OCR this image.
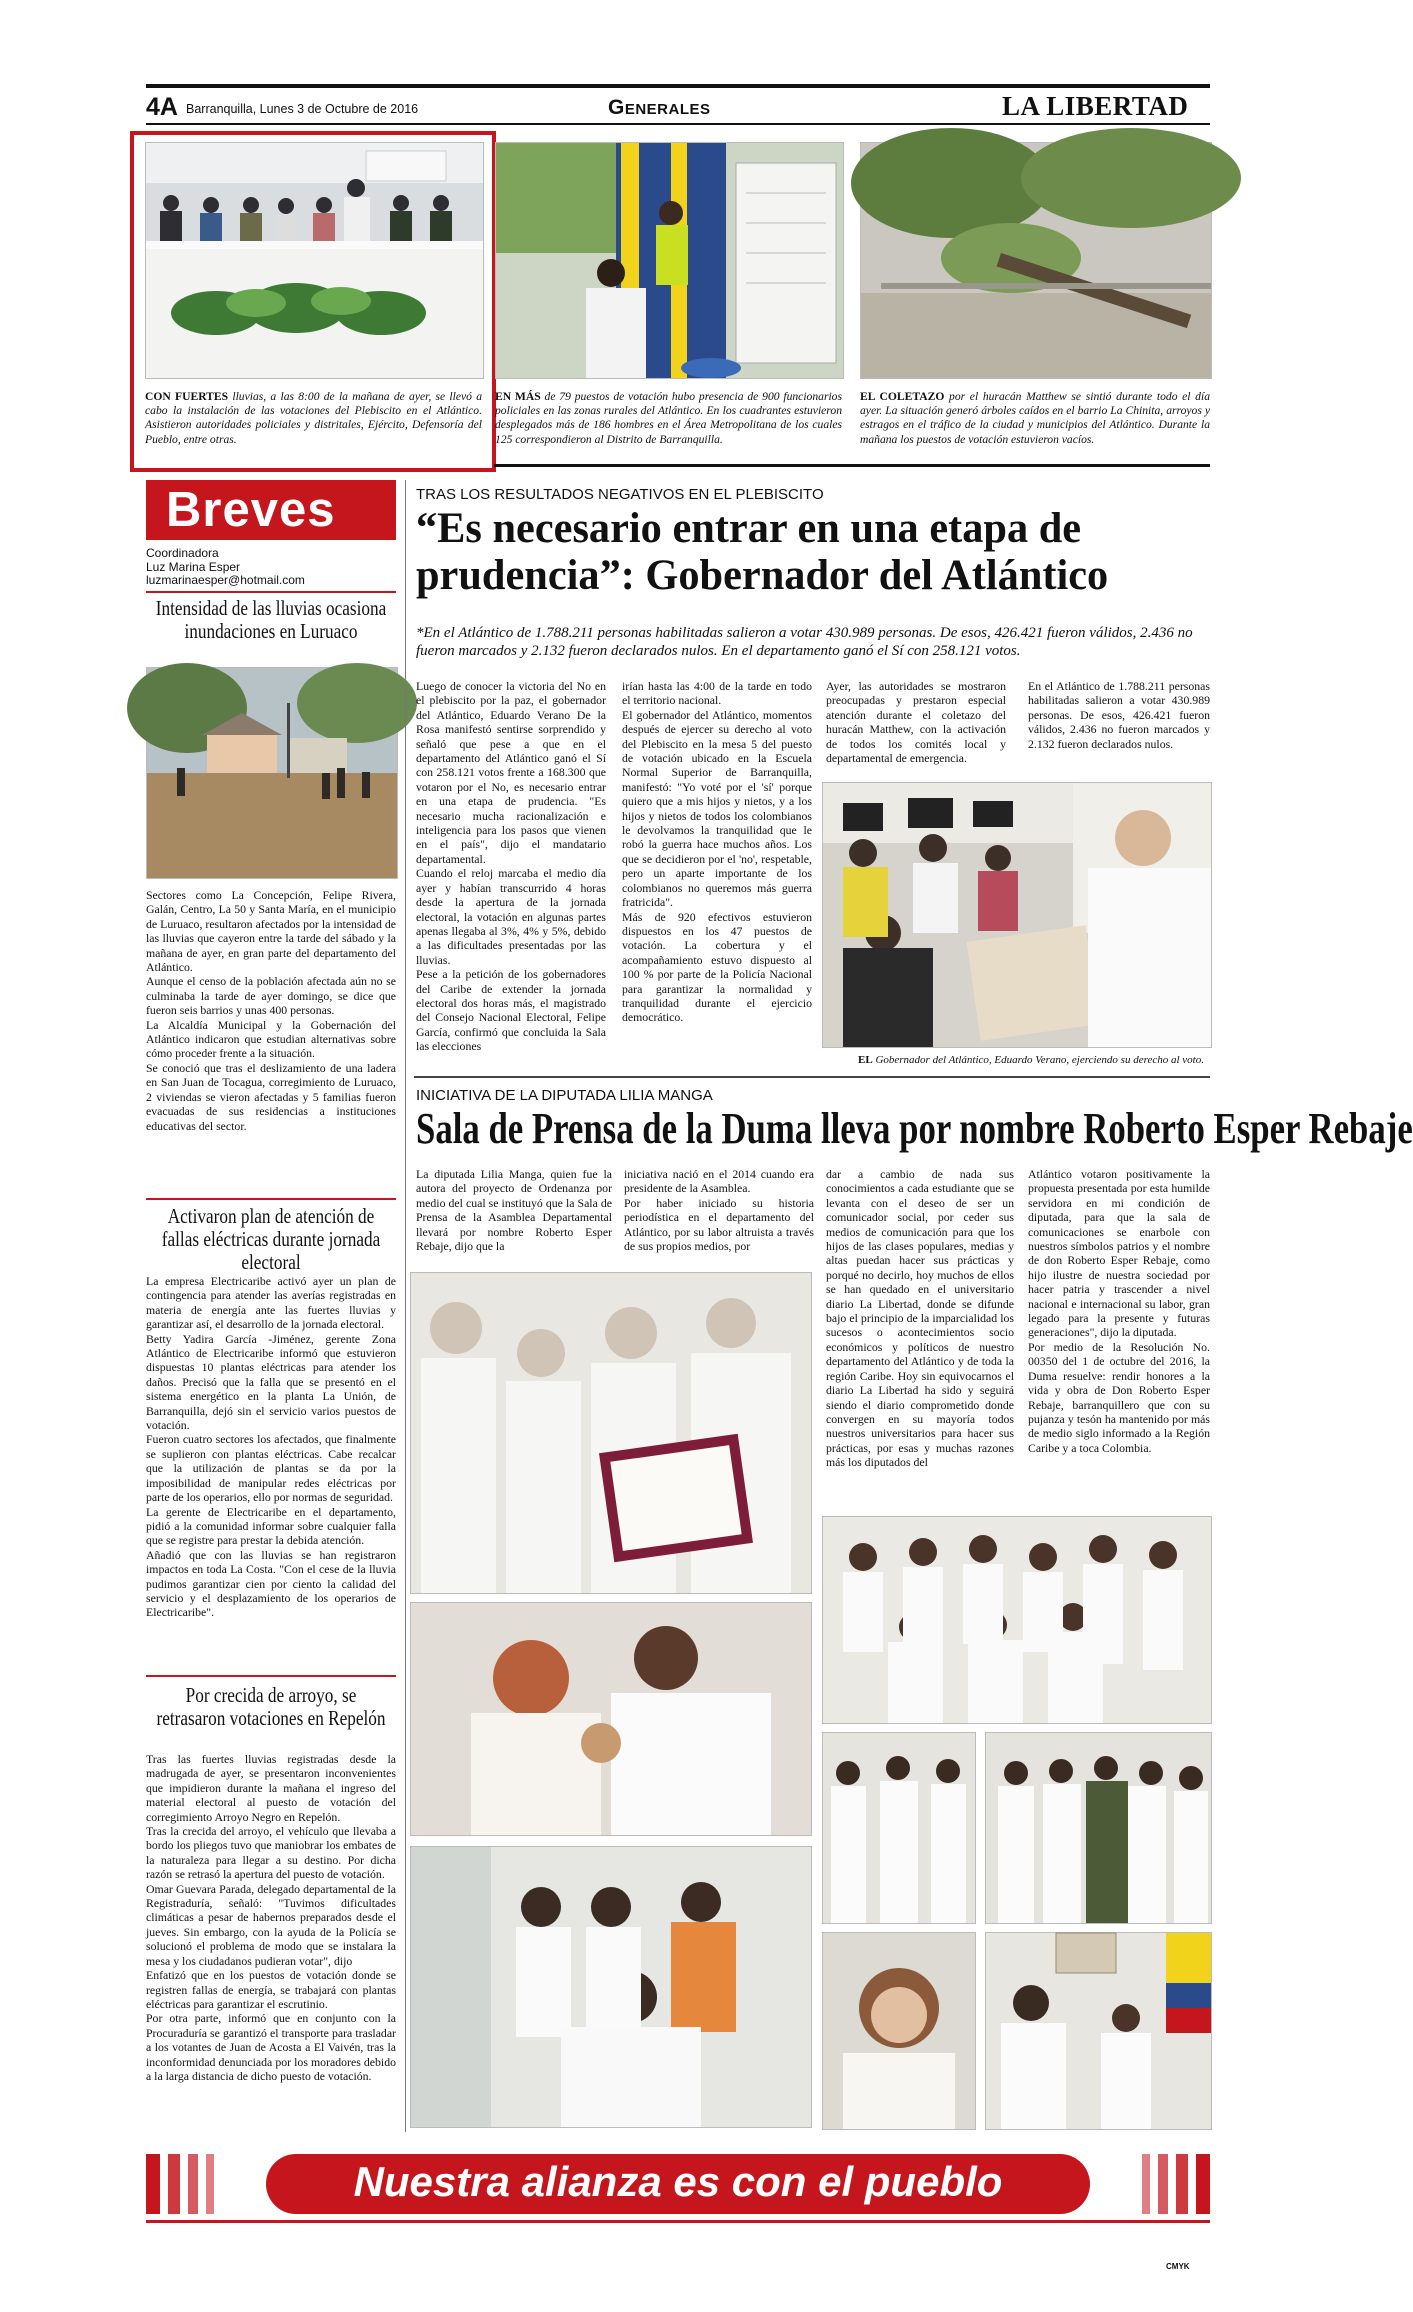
4A Barranquilla, Lunes 3 de Octubre de 2016	Generales	LA LIBERTAD
CON FUERTES lluvias, a las 8:00 de la mañana de ayer, se llevó a cabo la instalación de las votaciones del Plebiscito en el Atlántico. Asistieron autoridades policiales y distritales, Ejército, Defensoría del Pueblo, entre otras.
EN MÁS de 79 puestos de votación hubo presencia de 900 funcionarios policiales en las zonas rurales del Atlántico. En los cuadrantes estuvieron desplegados más de 186 hombres en el Área Metropolitana de los cuales 125 correspondieron al Distrito de Barranquilla.
EL COLETAZO por el huracán Matthew se sintió durante todo el día ayer. La situación generó árboles caídos en el barrio La Chinita, arroyos y estragos en el tráfico de la ciudad y municipios del Atlántico. Durante la mañana los puestos de votación estuvieron vacíos.
Breves
Coordinadora
Luz Marina Esper
luzmarinaesper@hotmail.com
Intensidad de las lluvias ocasiona inundaciones en Luruaco
Sectores como La Concepción, Felipe Rivera, Galán, Centro, La 50 y Santa María, en el municipio de Luruaco, resultaron afectados por la intensidad de las lluvias que cayeron entre la tarde del sábado y la mañana de ayer, en gran parte del departamento del Atlántico.
Aunque el censo de la población afectada aún no se culminaba la tarde de ayer domingo, se dice que fueron seis barrios y unas 400 personas.
La Alcaldía Municipal y la Gobernación del Atlántico indicaron que estudian alternativas sobre cómo proceder frente a la situación.
Se conoció que tras el deslizamiento de una ladera en San Juan de Tocagua, corregimiento de Luruaco, 2 viviendas se vieron afectadas y 5 familias fueron evacuadas de sus residencias a instituciones educativas del sector.
Activaron plan de atención de fallas eléctricas durante jornada electoral
La empresa Electricaribe activó ayer un plan de contingencia para atender las averías registradas en materia de energía ante las fuertes lluvias y garantizar así, el desarrollo de la jornada electoral.
Betty Yadira García -Jiménez, gerente Zona Atlántico de Electricaribe informó que estuvieron dispuestas 10 plantas eléctricas para atender los daños. Precisó que la falla que se presentó en el sistema energético en la planta La Unión, de Barranquilla, dejó sin el servicio varios puestos de votación.
Fueron cuatro sectores los afectados, que finalmente se suplieron con plantas eléctricas. Cabe recalcar que la utilización de plantas se da por la imposibilidad de manipular redes eléctricas por parte de los operarios, ello por normas de seguridad.
La gerente de Electricaribe en el departamento, pidió a la comunidad informar sobre cualquier falla que se registre para prestar la debida atención.
Añadió que con las lluvias se han registraron impactos en toda La Costa. "Con el cese de la lluvia pudimos garantizar cien por ciento la calidad del servicio y el desplazamiento de los operarios de Electricaribe".
Por crecida de arroyo, se retrasaron votaciones en Repelón
Tras las fuertes lluvias registradas desde la madrugada de ayer, se presentaron inconvenientes que impidieron durante la mañana el ingreso del material electoral al puesto de votación del corregimiento Arroyo Negro en Repelón.
Tras la crecida del arroyo, el vehículo que llevaba a bordo los pliegos tuvo que maniobrar los embates de la naturaleza para llegar a su destino. Por dicha razón se retrasó la apertura del puesto de votación.
Omar Guevara Parada, delegado departamental de la Registraduría, señaló: "Tuvimos dificultades climáticas a pesar de habernos preparados desde el jueves. Sin embargo, con la ayuda de la Policía se solucionó el problema de modo que se instalara la mesa y los ciudadanos pudieran votar", dijo
Enfatizó que en los puestos de votación donde se registren fallas de energía, se trabajará con plantas eléctricas para garantizar el escrutinio.
Por otra parte, informó que en conjunto con la Procuraduría se garantizó el transporte para trasladar a los votantes de Juan de Acosta a El Vaivén, tras la inconformidad denunciada por los moradores debido a la larga distancia de dicho puesto de votación.
TRAS LOS RESULTADOS NEGATIVOS EN EL PLEBISCITO
“Es necesario entrar en una etapa de prudencia”: Gobernador del Atlántico
*En el Atlántico de 1.788.211 personas habilitadas salieron a votar 430.989 personas. De esos, 426.421 fueron válidos, 2.436 no fueron marcados y 2.132 fueron declarados nulos. En el departamento ganó el Sí con 258.121 votos.
Luego de conocer la victoria del No en el plebiscito por la paz, el gobernador del Atlántico, Eduardo Verano De la Rosa manifestó sentirse sorprendido y señaló que pese a que en el departamento del Atlántico ganó el Sí con 258.121 votos frente a 168.300 que votaron por el No, es necesario entrar en una etapa de prudencia. "Es necesario mucha racionalización e inteligencia para los pasos que vienen en el país", dijo el mandatario departamental.
Cuando el reloj marcaba el medio día ayer y habían transcurrido 4 horas desde la apertura de la jornada electoral, la votación en algunas partes apenas llegaba al 3%, 4% y 5%, debido a las dificultades presentadas por las lluvias.
Pese a la petición de los gobernadores del Caribe de extender la jornada electoral dos horas más, el magistrado del Consejo Nacional Electoral, Felipe García, confirmó que concluida la Sala las elecciones
irían hasta las 4:00 de la tarde en todo el territorio nacional.
El gobernador del Atlántico, momentos después de ejercer su derecho al voto del Plebiscito en la mesa 5 del puesto de votación ubicado en la Escuela Normal Superior de Barranquilla, manifestó: "Yo voté por el 'sí' porque quiero que a mis hijos y nietos, y a los hijos y nietos de todos los colombianos le devolvamos la tranquilidad que le robó la guerra hace muchos años. Los que se decidieron por el 'no', respetable, pero un aparte importante de los colombianos no queremos más guerra fratricida".
Más de 920 efectivos estuvieron dispuestos en los 47 puestos de votación. La cobertura y el acompañamiento estuvo dispuesto al 100 % por parte de la Policía Nacional para garantizar la normalidad y tranquilidad durante el ejercicio democrático.
Ayer, las autoridades se mostraron preocupadas y prestaron especial atención durante el coletazo del huracán Matthew, con la activación de todos los comités local y departamental de emergencia.
En el Atlántico de 1.788.211 personas habilitadas salieron a votar 430.989 personas. De esos, 426.421 fueron válidos, 2.436 no fueron marcados y 2.132 fueron declarados nulos.
EL Gobernador del Atlántico, Eduardo Verano, ejerciendo su derecho al voto.
INICIATIVA DE LA DIPUTADA LILIA MANGA
Sala de Prensa de la Duma lleva por nombre Roberto Esper Rebaje
La diputada Lilia Manga, quien fue la autora del proyecto de Ordenanza por medio del cual se instituyó que la Sala de Prensa de la Asamblea Departamental llevará por nombre Roberto Esper Rebaje, dijo que la
iniciativa nació en el 2014 cuando era presidente de la Asamblea.
Por haber iniciado su historia periodística en el departamento del Atlántico, por su labor altruista a través de sus propios medios, por
dar a cambio de nada sus conocimientos a cada estudiante que se levanta con el deseo de ser un comunicador social, por ceder sus medios de comunicación para que los hijos de las clases populares, medias y altas puedan hacer sus prácticas y porqué no decirlo, hoy muchos de ellos se han quedado en el universitario diario La Libertad, donde se difunde bajo el principio de la imparcialidad los sucesos o acontecimientos socio económicos y políticos de nuestro departamento del Atlántico y de toda la región Caribe. Hoy sin equivocarnos el diario La Libertad ha sido y seguirá siendo el diario comprometido donde convergen en su mayoría todos nuestros universitarios para hacer sus prácticas, por esas y muchas razones más los diputados del
Atlántico votaron positivamente la propuesta presentada por esta humilde servidora en mi condición de diputada, para que la sala de comunicaciones se enarbole con nuestros símbolos patrios y el nombre de don Roberto Esper Rebaje, como hijo ilustre de nuestra sociedad por hacer patria y trascender a nivel nacional e internacional su labor, gran legado para la presente y futuras generaciones", dijo la diputada.
Por medio de la Resolución No. 00350 del 1 de octubre del 2016, la Duma resuelve: rendir honores a la vida y obra de Don Roberto Esper Rebaje, barranquillero que con su pujanza y tesón ha mantenido por más de medio siglo informado a la Región Caribe y a toca Colombia.
Nuestra alianza es con el pueblo
CMYK
